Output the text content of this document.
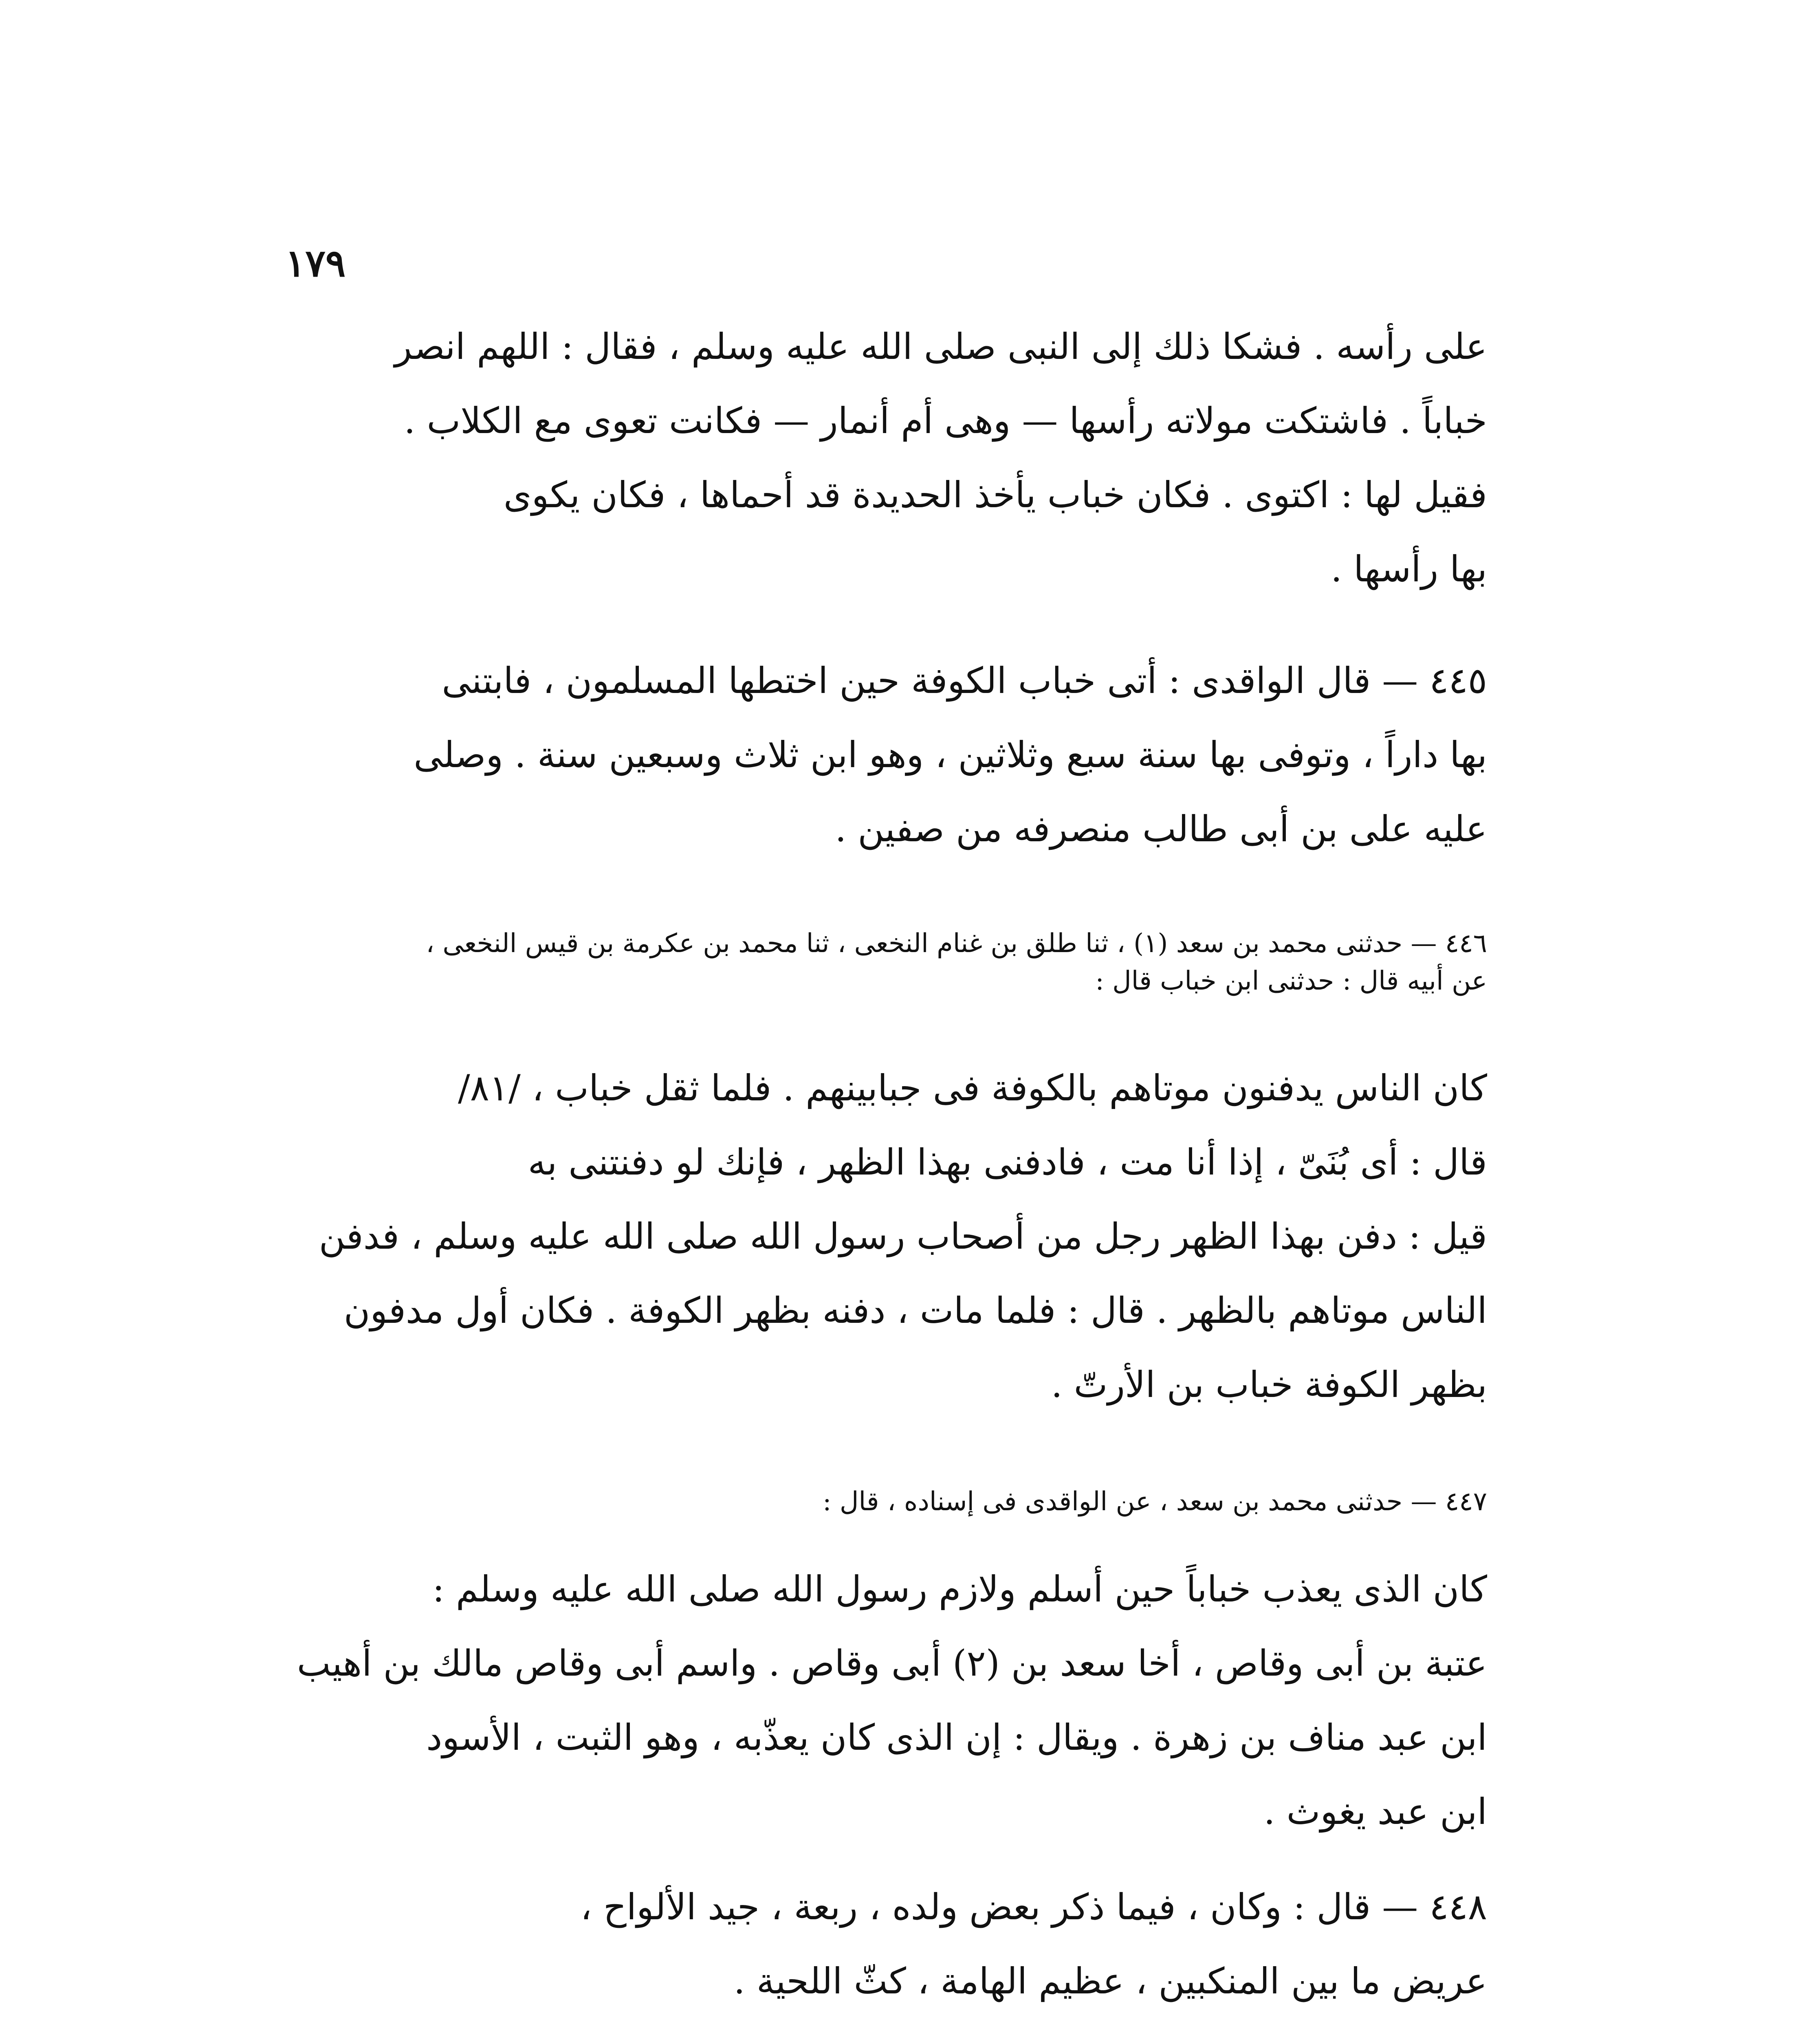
١٧٩
على رأسه . فشكا ذلك إلى النبى صلى الله عليه وسلم ، فقال : اللهم انصر
خباباً . فاشتكت مولاته رأسها — وهى أم أنمار — فكانت تعوى مع الكلاب .
فقيل لها : اكتوى . فكان خباب يأخذ الحديدة قد أحماها ، فكان يكوى
بها رأسها .
٤٤٥ — قال الواقدى : أتى خباب الكوفة حين اختطها المسلمون ، فابتنى
بها داراً ، وتوفى بها سنة سبع وثلاثين ، وهو ابن ثلاث وسبعين سنة . وصلى
عليه على بن أبى طالب منصرفه من صفين .
٤٤٦ — حدثنى محمد بن سعد (١) ، ثنا طلق بن غنام النخعى ، ثنا محمد بن عكرمة بن قيس النخعى ،
عن أبيه قال : حدثنى ابن خباب قال :
كان الناس يدفنون موتاهم بالكوفة فى جبابينهم . فلما ثقل خباب ، /٨١/
قال : أى بُنَىّ ، إذا أنا مت ، فادفنى بهذا الظهر ، فإنك لو دفنتنى به
قيل : دفن بهذا الظهر رجل من أصحاب رسول الله صلى الله عليه وسلم ، فدفن
الناس موتاهم بالظهر . قال : فلما مات ، دفنه بظهر الكوفة . فكان أول مدفون
بظهر الكوفة خباب بن الأرتّ .
٤٤٧ — حدثنى محمد بن سعد ، عن الواقدى فى إسناده ، قال :
كان الذى يعذب خباباً حين أسلم ولازم رسول الله صلى الله عليه وسلم :
عتبة بن أبى وقاص ، أخا سعد بن (٢) أبى وقاص . واسم أبى وقاص مالك بن أهيب
ابن عبد مناف بن زهرة . ويقال : إن الذى كان يعذّبه ، وهو الثبت ، الأسود
ابن عبد يغوث .
٤٤٨ — قال : وكان ، فيما ذكر بعض ولده ، ربعة ، جيد الألواح ،
عريض ما بين المنكبين ، عظيم الهامة ، كثّ اللحية .
